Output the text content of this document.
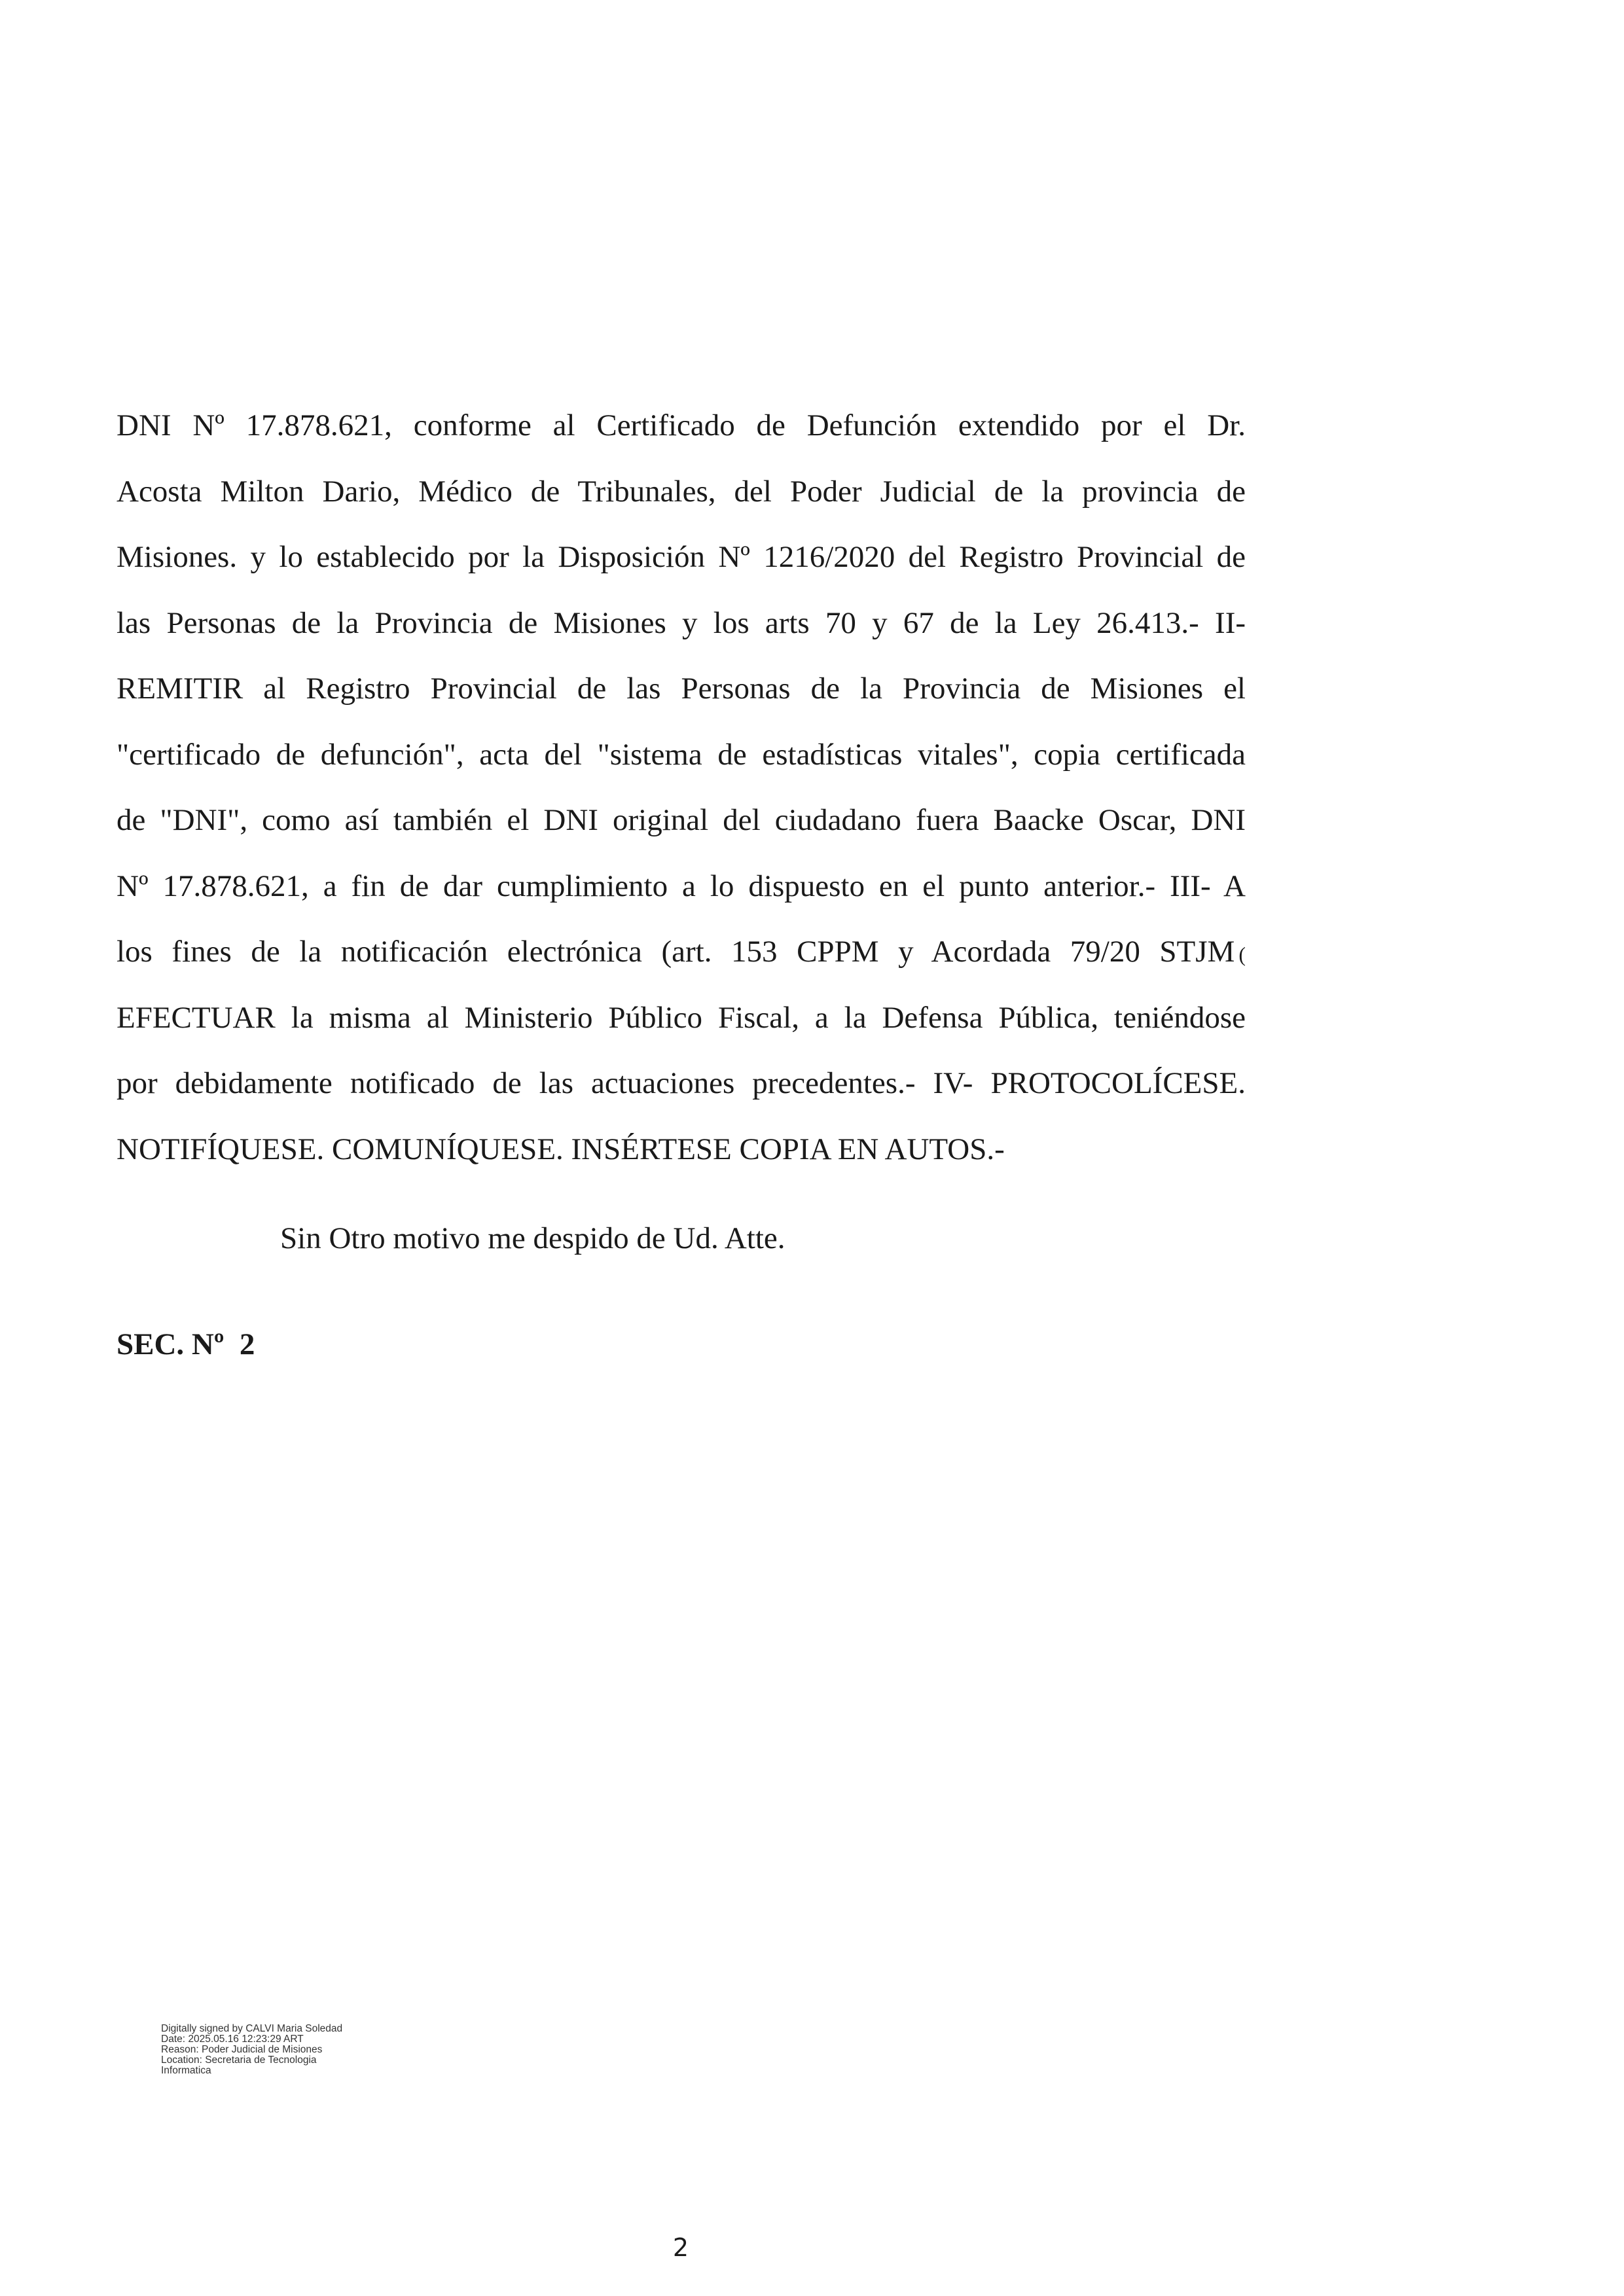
DNI Nº 17.878.621, conforme al Certificado de Defunción extendido por el Dr.
Acosta Milton Dario, Médico de Tribunales, del Poder Judicial de la provincia de
Misiones. y lo establecido por la Disposición Nº 1216/2020 del Registro Provincial de
las Personas de la Provincia de Misiones y los arts 70 y 67 de la Ley 26.413.- II-
REMITIR al Registro Provincial de las Personas de la Provincia de Misiones el
"certificado de defunción", acta del "sistema de estadísticas vitales", copia certificada
de "DNI", como así también el DNI original del ciudadano fuera Baacke Oscar, DNI
Nº 17.878.621, a fin de dar cumplimiento a lo dispuesto en el punto anterior.- III- A
los fines de la notificación electrónica (art. 153 CPPM y Acordada 79/20 STJM (
EFECTUAR la misma al Ministerio Público Fiscal, a la Defensa Pública, teniéndose
por debidamente notificado de las actuaciones precedentes.- IV- PROTOCOLÍCESE.
NOTIFÍQUESE. COMUNÍQUESE. INSÉRTESE COPIA EN AUTOS.-
Sin Otro motivo me despido de Ud. Atte.
SEC. Nº  2
Digitally signed by CALVI Maria Soledad
Date: 2025.05.16 12:23:29 ART
Reason: Poder Judicial de Misiones
Location: Secretaria de Tecnologia
Informatica
2
